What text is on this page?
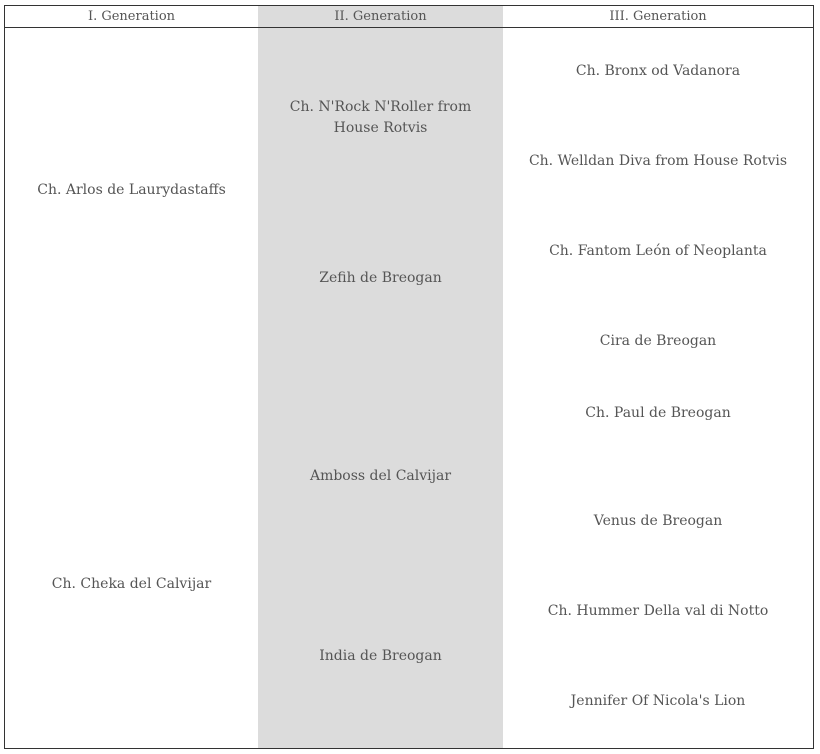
I. Generation	II. Generation	III. Generation
Ch. Arlos de Laurydastaffs
Ch. Cheka del Calvijar
Ch. N'Rock N'Roller from House Rotvis
Zefih de Breogan
Amboss del Calvijar
India de Breogan
Ch. Bronx od Vadanora
Ch. Welldan Diva from House Rotvis
Ch. Fantom León of Neoplanta
Cira de Breogan
Ch. Paul de Breogan
Venus de Breogan
Ch. Hummer Della val di Notto
Jennifer Of Nicola's Lion
